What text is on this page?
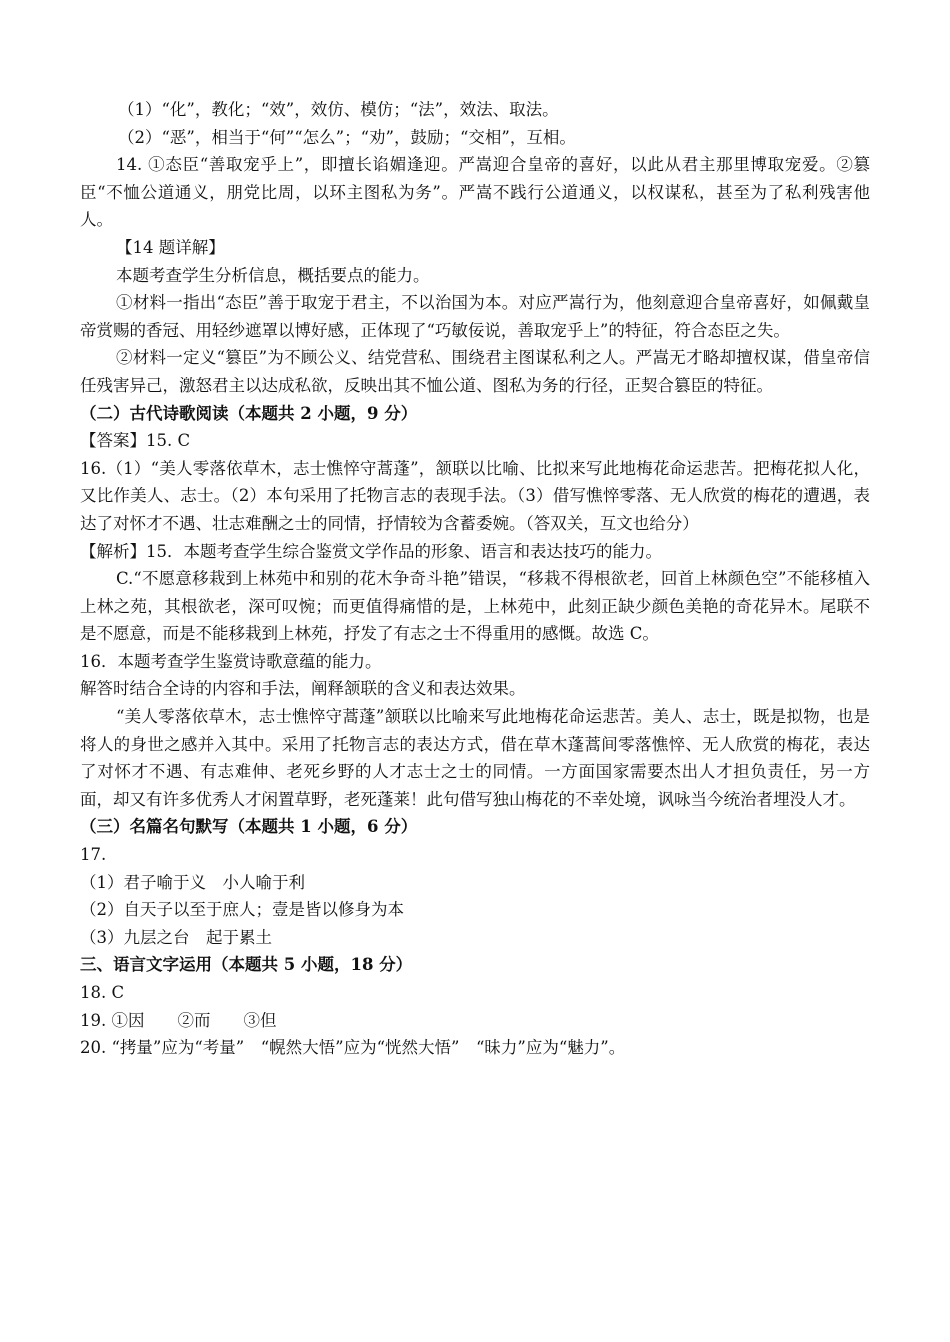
（1）“化”，教化；“效”，效仿、模仿；“法”，效法、取法。

（2）“恶”，相当于“何”“怎么”；“劝”，鼓励；“交相”，互相。

14. ①态臣“善取宠乎上”，即擅长谄媚逢迎。严嵩迎合皇帝的喜好，以此从君主那里博取宠爱。②篡臣“不恤公道通义，朋党比周，以环主图私为务”。严嵩不践行公道通义，以权谋私，甚至为了私利残害他人。

【14 题详解】

本题考查学生分析信息，概括要点的能力。

①材料一指出“态臣”善于取宠于君主，不以治国为本。对应严嵩行为，他刻意迎合皇帝喜好，如佩戴皇帝赏赐的香冠、用轻纱遮罩以博好感，正体现了“巧敏佞说，善取宠乎上”的特征，符合态臣之失。

②材料一定义“篡臣”为不顾公义、结党营私、围绕君主图谋私利之人。严嵩无才略却擅权谋，借皇帝信任残害异己，激怒君主以达成私欲，反映出其不恤公道、图私为务的行径，正契合篡臣的特征。

（二）古代诗歌阅读（本题共 2 小题，9 分）

【答案】15. C

16.（1）“美人零落依草木，志士憔悴守蒿蓬”，颔联以比喻、比拟来写此地梅花命运悲苦。把梅花拟人化，又比作美人、志士。（2）本句采用了托物言志的表现手法。（3）借写憔悴零落、无人欣赏的梅花的遭遇，表达了对怀才不遇、壮志难酬之士的同情，抒情较为含蓄委婉。（答双关，互文也给分）

【解析】15．本题考查学生综合鉴赏文学作品的形象、语言和表达技巧的能力。

C.“不愿意移栽到上林苑中和别的花木争奇斗艳”错误，“移栽不得根欲老，回首上林颜色空”不能移植入上林之苑，其根欲老，深可叹惋；而更值得痛惜的是，上林苑中，此刻正缺少颜色美艳的奇花异木。尾联不是不愿意，而是不能移栽到上林苑，抒发了有志之士不得重用的感慨。故选 C。

16．本题考查学生鉴赏诗歌意蕴的能力。

解答时结合全诗的内容和手法，阐释颔联的含义和表达效果。

“美人零落依草木，志士憔悴守蒿蓬”颔联以比喻来写此地梅花命运悲苦。美人、志士，既是拟物，也是将人的身世之感并入其中。采用了托物言志的表达方式，借在草木蓬蒿间零落憔悴、无人欣赏的梅花，表达了对怀才不遇、有志难伸、老死乡野的人才志士之士的同情。一方面国家需要杰出人才担负责任，另一方面，却又有许多优秀人才闲置草野，老死蓬莱！此句借写独山梅花的不幸处境，讽咏当今统治者埋没人才。

（三）名篇名句默写（本题共 1 小题，6 分）

17.

（1）君子喻于义　小人喻于利

（2）自天子以至于庶人；壹是皆以修身为本

（3）九层之台　起于累土

三、语言文字运用（本题共 5 小题，18 分）

18. C

19. ①因　　②而　　③但

20. “拷量”应为“考量”　“幌然大悟”应为“恍然大悟”　“昧力”应为“魅力”。
